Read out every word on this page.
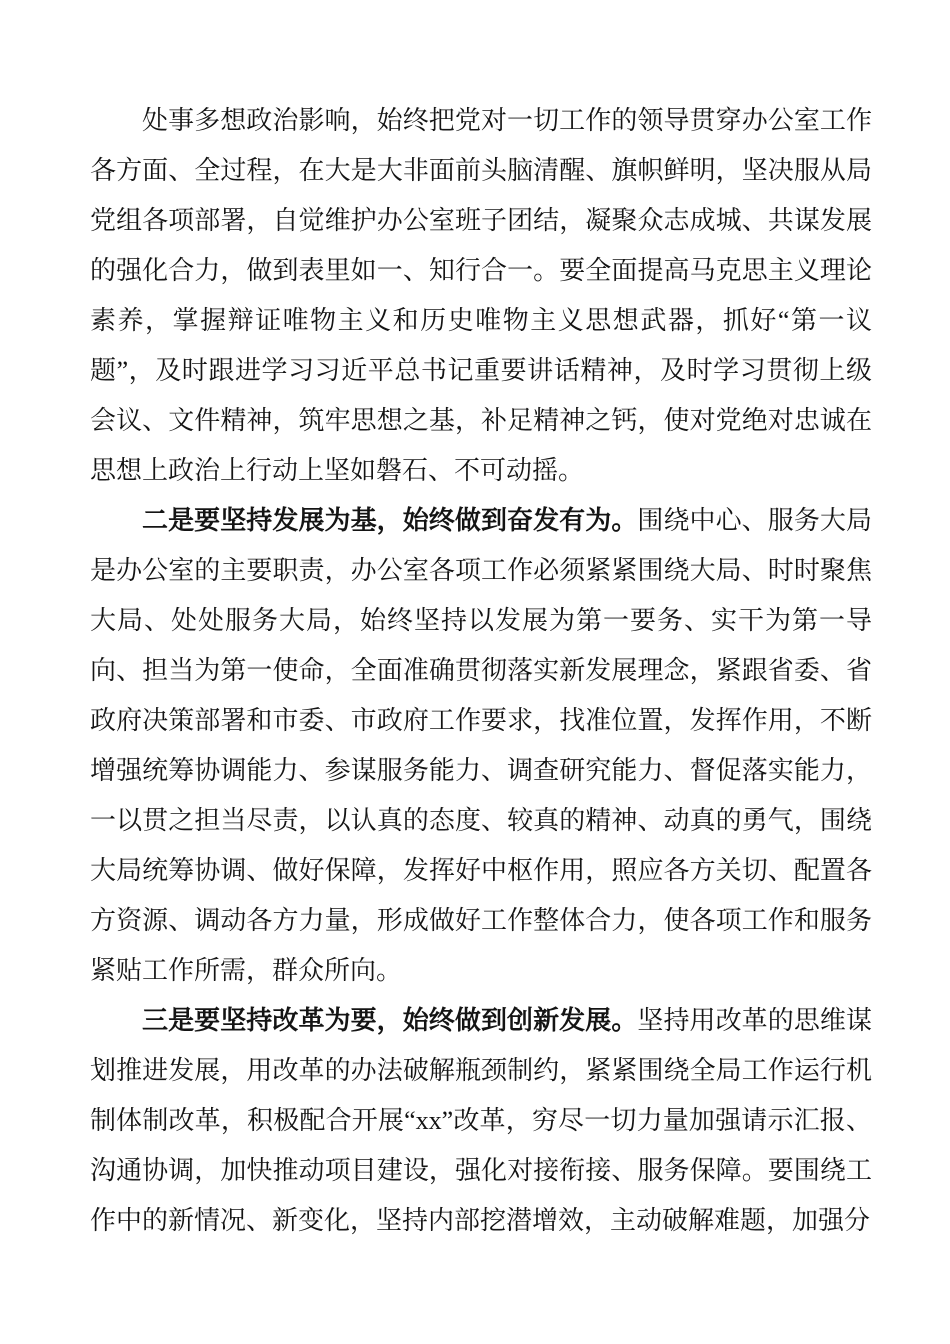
处事多想政治影响，始终把党对一切工作的领导贯穿办公室工作各方面、全过程，在大是大非面前头脑清醒、旗帜鲜明，坚决服从局党组各项部署，自觉维护办公室班子团结，凝聚众志成城、共谋发展的强化合力，做到表里如一、知行合一。要全面提高马克思主义理论素养，掌握辩证唯物主义和历史唯物主义思想武器，抓好“第一议题”，及时跟进学习习近平总书记重要讲话精神，及时学习贯彻上级会议、文件精神，筑牢思想之基，补足精神之钙，使对党绝对忠诚在思想上政治上行动上坚如磐石、不可动摇。

二是要坚持发展为基，始终做到奋发有为。围绕中心、服务大局是办公室的主要职责，办公室各项工作必须紧紧围绕大局、时时聚焦大局、处处服务大局，始终坚持以发展为第一要务、实干为第一导向、担当为第一使命，全面准确贯彻落实新发展理念，紧跟省委、省政府决策部署和市委、市政府工作要求，找准位置，发挥作用，不断增强统筹协调能力、参谋服务能力、调查研究能力、督促落实能力，一以贯之担当尽责，以认真的态度、较真的精神、动真的勇气，围绕大局统筹协调、做好保障，发挥好中枢作用，照应各方关切、配置各方资源、调动各方力量，形成做好工作整体合力，使各项工作和服务紧贴工作所需，群众所向。

三是要坚持改革为要，始终做到创新发展。坚持用改革的思维谋划推进发展，用改革的办法破解瓶颈制约，紧紧围绕全局工作运行机制体制改革，积极配合开展“xx”改革，穷尽一切力量加强请示汇报、沟通协调，加快推动项目建设，强化对接衔接、服务保障。要围绕工作中的新情况、新变化，坚持内部挖潜增效，主动破解难题，加强分
